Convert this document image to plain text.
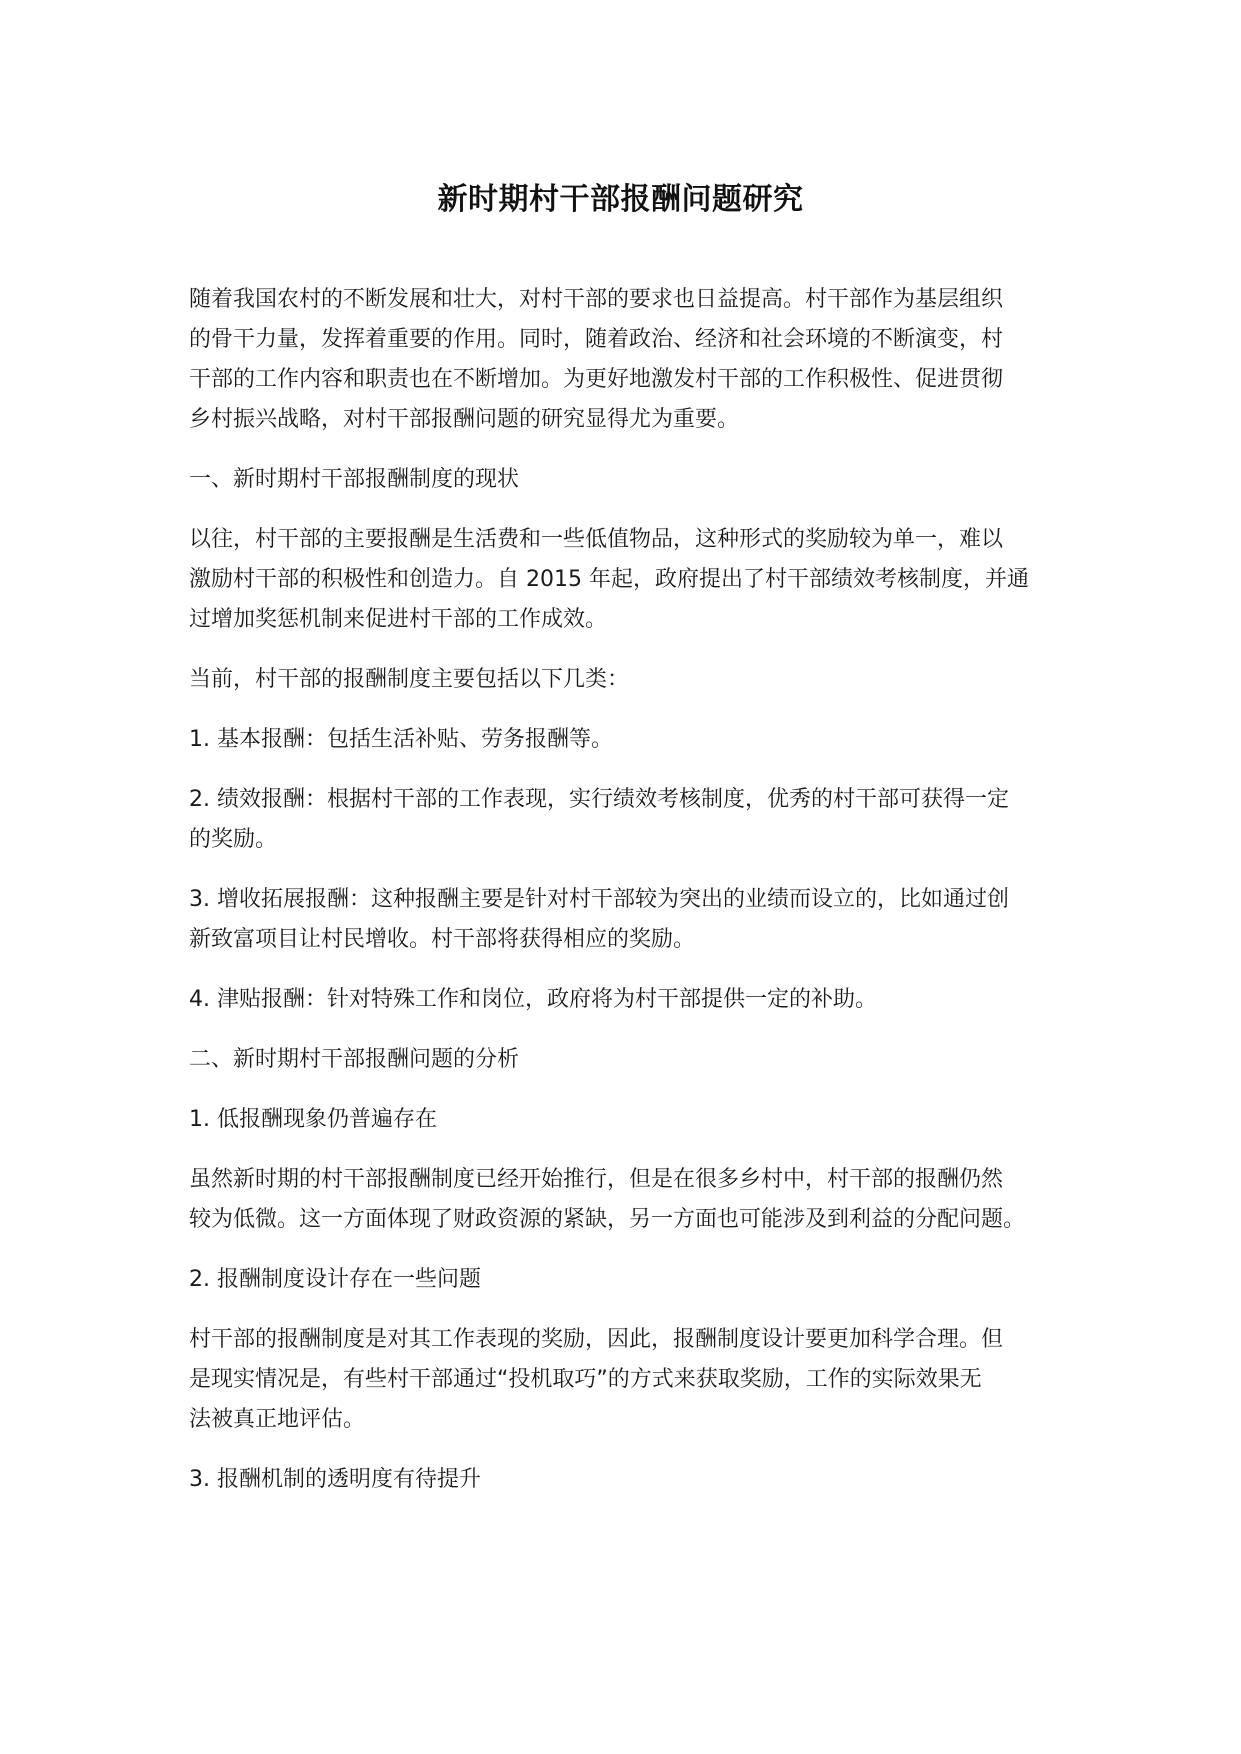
新时期村干部报酬问题研究
随着我国农村的不断发展和壮大，对村干部的要求也日益提高。村干部作为基层组织
的骨干力量，发挥着重要的作用。同时，随着政治、经济和社会环境的不断演变，村
干部的工作内容和职责也在不断增加。为更好地激发村干部的工作积极性、促进贯彻
乡村振兴战略，对村干部报酬问题的研究显得尤为重要。
一、新时期村干部报酬制度的现状
以往，村干部的主要报酬是生活费和一些低值物品，这种形式的奖励较为单一，难以
激励村干部的积极性和创造力。自 2015 年起，政府提出了村干部绩效考核制度，并通
过增加奖惩机制来促进村干部的工作成效。
当前，村干部的报酬制度主要包括以下几类：
1. 基本报酬：包括生活补贴、劳务报酬等。
2. 绩效报酬：根据村干部的工作表现，实行绩效考核制度，优秀的村干部可获得一定
的奖励。
3. 增收拓展报酬：这种报酬主要是针对村干部较为突出的业绩而设立的，比如通过创
新致富项目让村民增收。村干部将获得相应的奖励。
4. 津贴报酬：针对特殊工作和岗位，政府将为村干部提供一定的补助。
二、新时期村干部报酬问题的分析
1. 低报酬现象仍普遍存在
虽然新时期的村干部报酬制度已经开始推行，但是在很多乡村中，村干部的报酬仍然
较为低微。这一方面体现了财政资源的紧缺，另一方面也可能涉及到利益的分配问题。
2. 报酬制度设计存在一些问题
村干部的报酬制度是对其工作表现的奖励，因此，报酬制度设计要更加科学合理。但
是现实情况是，有些村干部通过“投机取巧”的方式来获取奖励，工作的实际效果无
法被真正地评估。
3. 报酬机制的透明度有待提升
